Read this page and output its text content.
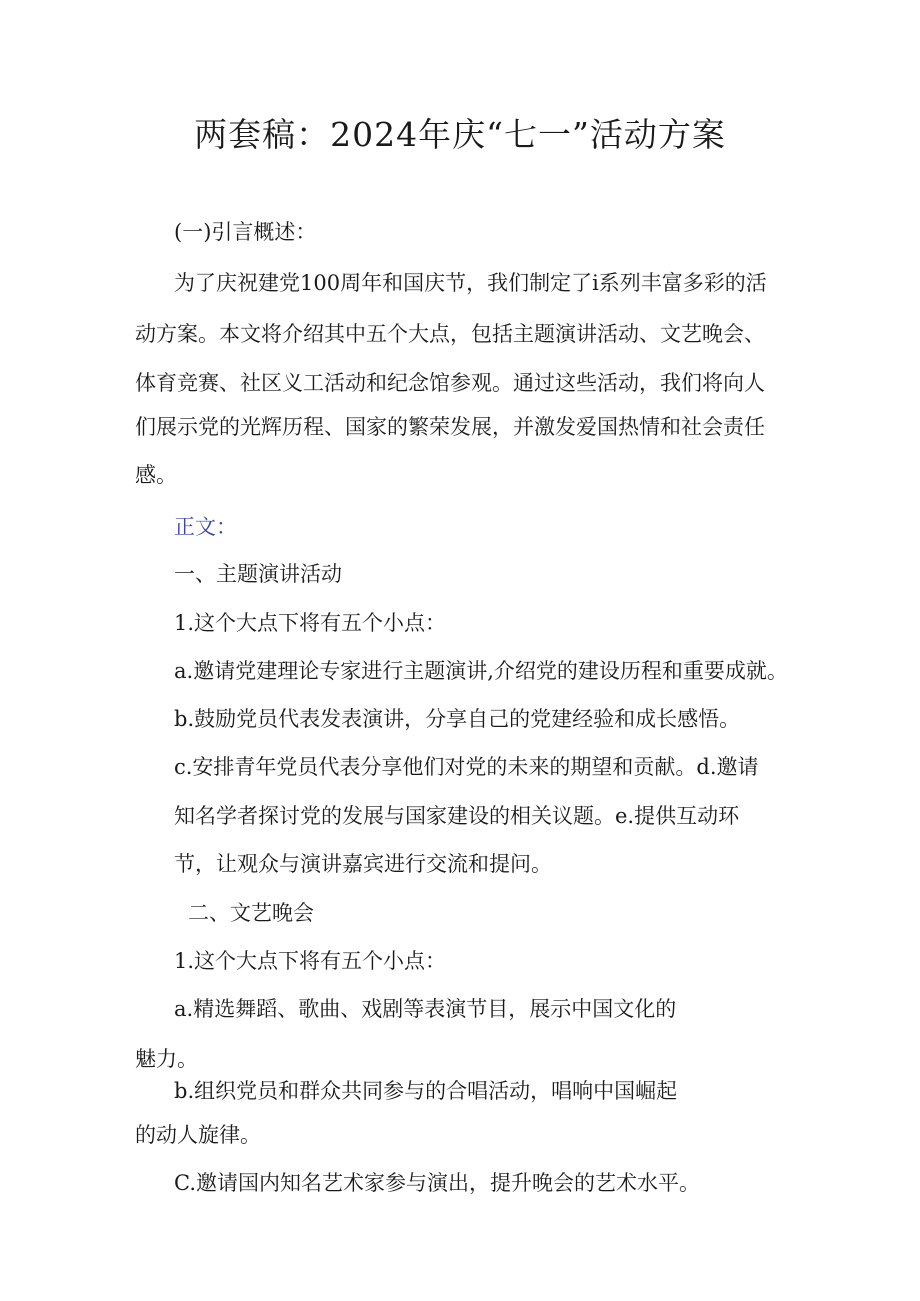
两套稿：2024年庆“七一”活动方案
(一)引言概述：
为了庆祝建党100周年和国庆节，我们制定了i系列丰富多彩的活
动方案。本文将介绍其中五个大点，包括主题演讲活动、文艺晚会、
体育竞赛、社区义工活动和纪念馆参观。通过这些活动，我们将向人
们展示党的光辉历程、国家的繁荣发展，并激发爱国热情和社会责任
感。
正文：
一、主题演讲活动
1.这个大点下将有五个小点：
a.邀请党建理论专家进行主题演讲,介绍党的建设历程和重要成就。
b.鼓励党员代表发表演讲，分享自己的党建经验和成长感悟。
c.安排青年党员代表分享他们对党的未来的期望和贡献。d.邀请
知名学者探讨党的发展与国家建设的相关议题。e.提供互动环
节，让观众与演讲嘉宾进行交流和提问。
二、文艺晚会
1.这个大点下将有五个小点：
a.精选舞蹈、歌曲、戏剧等表演节目，展示中国文化的
魅力。
b.组织党员和群众共同参与的合唱活动，唱响中国崛起
的动人旋律。
C.邀请国内知名艺术家参与演出，提升晚会的艺术水平。
